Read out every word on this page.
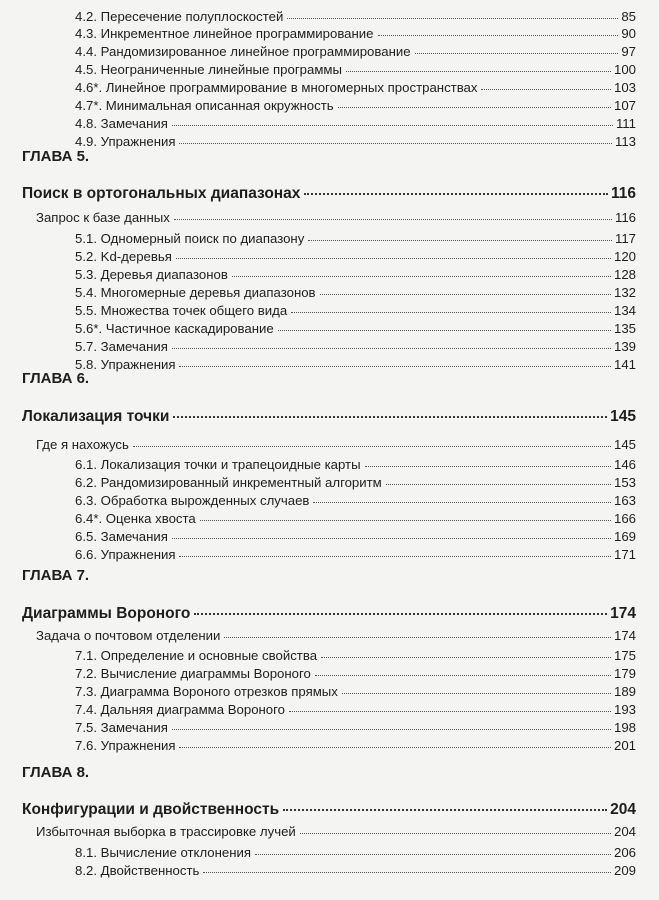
4.2. Пересечение полуплоскостей	85
4.3. Инкрементное линейное программирование	90
4.4. Рандомизированное линейное программирование	97
4.5. Неограниченные линейные программы	100
4.6*. Линейное программирование в многомерных пространствах	103
4.7*. Минимальная описанная окружность	107
4.8. Замечания	111
4.9. Упражнения	113
ГЛАВА 5.
Поиск в ортогональных диапазонах	116
Запрос к базе данных	116
5.1. Одномерный поиск по диапазону	117
5.2. Kd-деревья	120
5.3. Деревья диапазонов	128
5.4. Многомерные деревья диапазонов	132
5.5. Множества точек общего вида	134
5.6*. Частичное каскадирование	135
5.7. Замечания	139
5.8. Упражнения	141
ГЛАВА 6.
Локализация точки	145
Где я нахожусь	145
6.1. Локализация точки и трапецоидные карты	146
6.2. Рандомизированный инкрементный алгоритм	153
6.3. Обработка вырожденных случаев	163
6.4*. Оценка хвоста	166
6.5. Замечания	169
6.6. Упражнения	171
ГЛАВА 7.
Диаграммы Вороного	174
Задача о почтовом отделении	174
7.1. Определение и основные свойства	175
7.2. Вычисление диаграммы Вороного	179
7.3. Диаграмма Вороного отрезков прямых	189
7.4. Дальняя диаграмма Вороного	193
7.5. Замечания	198
7.6. Упражнения	201
ГЛАВА 8.
Конфигурации и двойственность	204
Избыточная выборка в трассировке лучей	204
8.1. Вычисление отклонения	206
8.2. Двойственность	209
